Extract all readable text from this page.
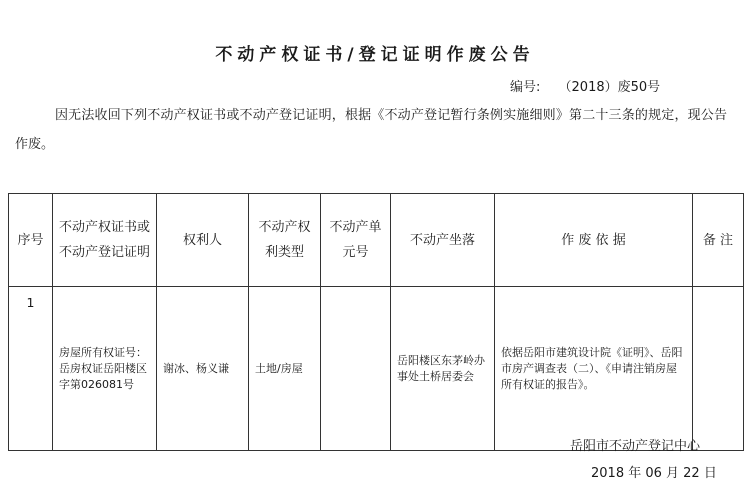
不动产权证书/登记证明作废公告
编号: （2018）废50号
因无法收回下列不动产权证书或不动产登记证明，根据《不动产登记暂行条例实施细则》第二十三条的规定，现公告作废。
序号	不动产权证书或不动产登记证明	权利人	不动产权利类型	不动产单元号	不动产坐落	作 废 依 据	备 注
1	房屋所有权证号：岳房权证岳阳楼区字第026081号	谢冰、杨义谦	土地/房屋		岳阳楼区东茅岭办事处土桥居委会	依据岳阳市建筑设计院《证明》、岳阳市房产调查表（二）、《申请注销房屋所有权证的报告》。	
岳阳市不动产登记中心
2018 年 06 月 22 日
